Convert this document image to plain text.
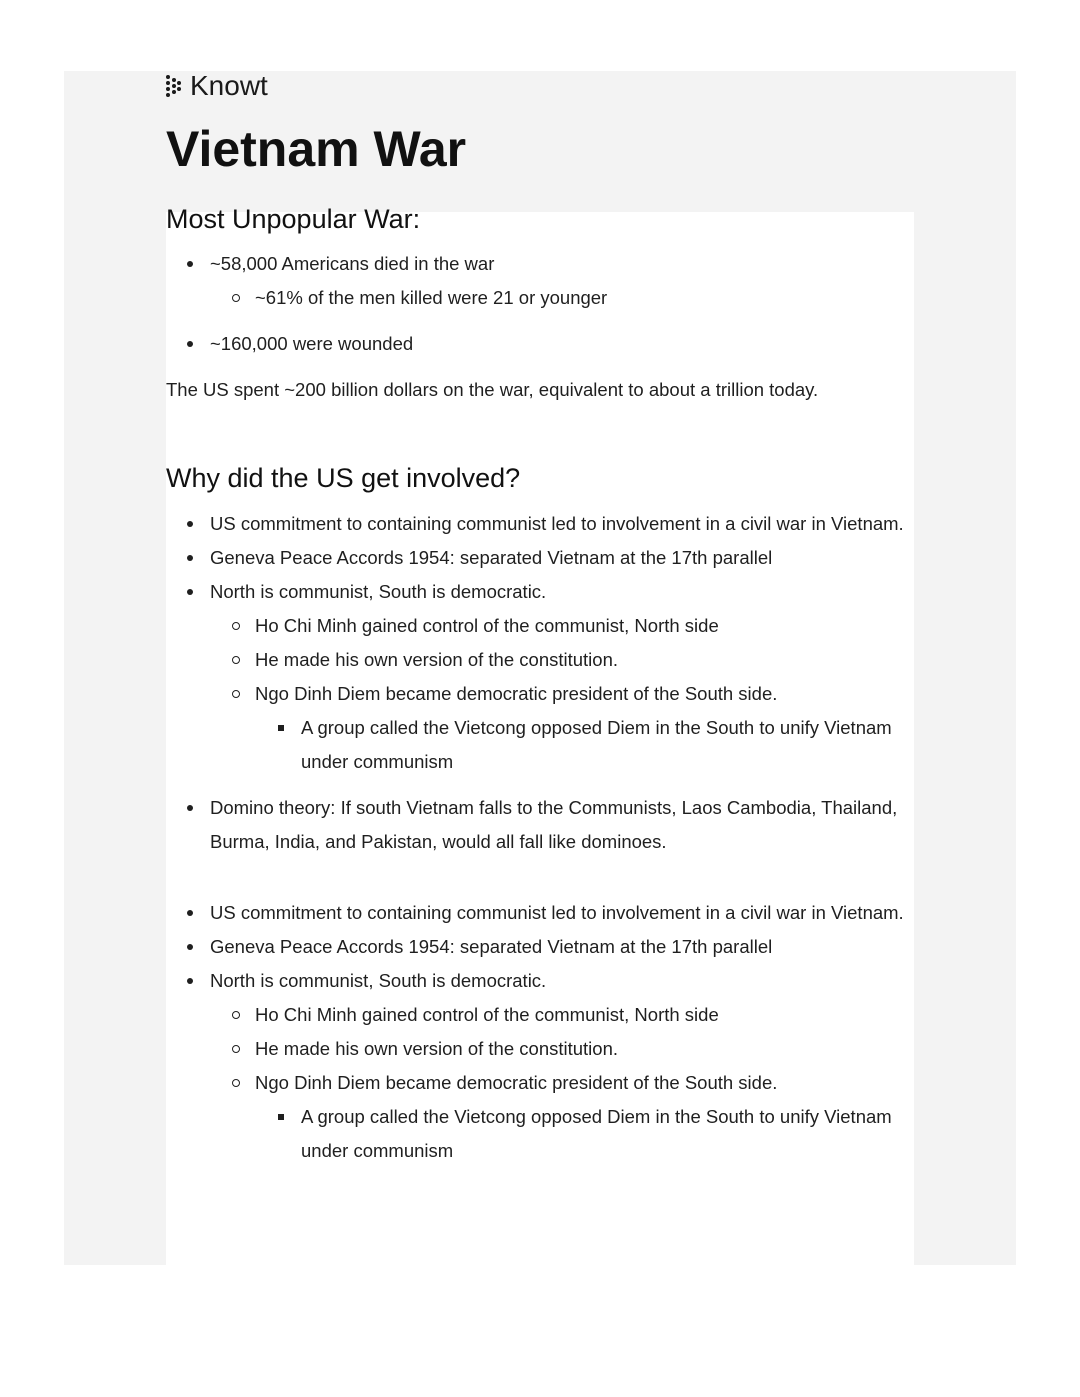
Knowt
Vietnam War
Most Unpopular War:
~58,000 Americans died in the war
~61% of the men killed were 21 or younger
~160,000 were wounded

The US spent ~200 billion dollars on the war, equivalent to about a trillion today.

Why did the US get involved?
US commitment to containing communist led to involvement in a civil war in Vietnam.
Geneva Peace Accords 1954: separated Vietnam at the 17th parallel
North is communist, South is democratic.
Ho Chi Minh gained control of the communist, North side
He made his own version of the constitution.
Ngo Dinh Diem became democratic president of the South side.
A group called the Vietcong opposed Diem in the South to unify Vietnam under communism
Domino theory: If south Vietnam falls to the Communists, Laos Cambodia, Thailand, Burma, India, and Pakistan, would all fall like dominoes.
US commitment to containing communist led to involvement in a civil war in Vietnam.
Geneva Peace Accords 1954: separated Vietnam at the 17th parallel
North is communist, South is democratic.
Ho Chi Minh gained control of the communist, North side
He made his own version of the constitution.
Ngo Dinh Diem became democratic president of the South side.
A group called the Vietcong opposed Diem in the South to unify Vietnam under communism
